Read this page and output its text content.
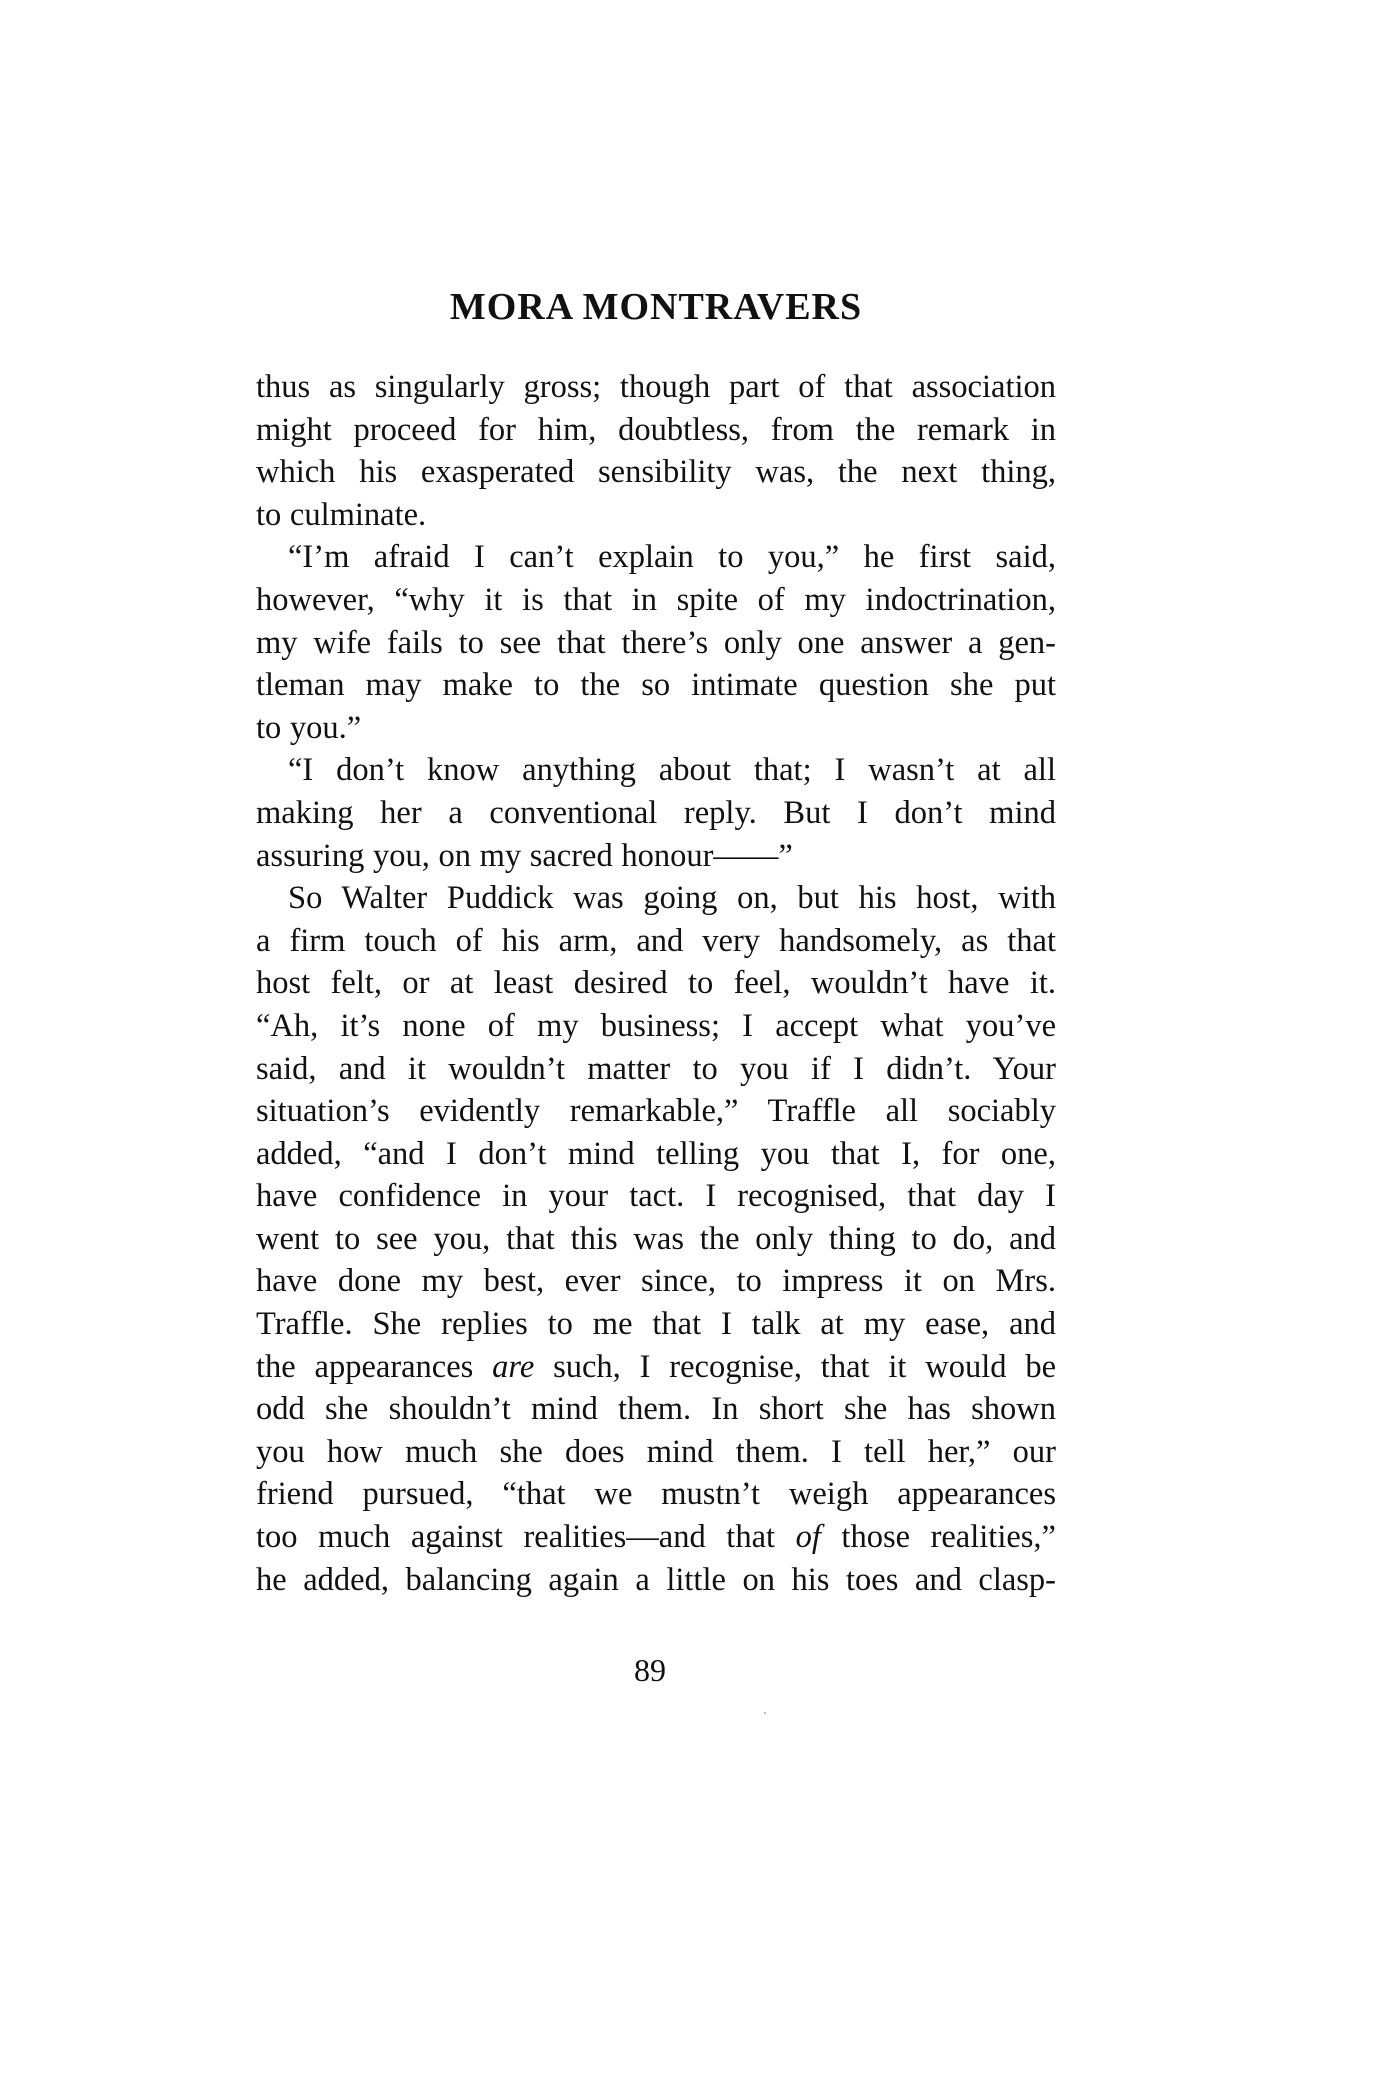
MORA MONTRAVERS
thus as singularly gross; though part of that association
might proceed for him, doubtless, from the remark in
which his exasperated sensibility was, the next thing,
to culminate.
“I’m afraid I can’t explain to you,” he first said,
however, “why it is that in spite of my indoctrination,
my wife fails to see that there’s only one answer a gen-
tleman may make to the so intimate question she put
to you.”
“I don’t know anything about that; I wasn’t at all
making her a conventional reply. But I don’t mind
assuring you, on my sacred honour——”
So Walter Puddick was going on, but his host, with
a firm touch of his arm, and very handsomely, as that
host felt, or at least desired to feel, wouldn’t have it.
“Ah, it’s none of my business; I accept what you’ve
said, and it wouldn’t matter to you if I didn’t. Your
situation’s evidently remarkable,” Traffle all sociably
added, “and I don’t mind telling you that I, for one,
have confidence in your tact. I recognised, that day I
went to see you, that this was the only thing to do, and
have done my best, ever since, to impress it on Mrs.
Traffle. She replies to me that I talk at my ease, and
the appearances are such, I recognise, that it would be
odd she shouldn’t mind them. In short she has shown
you how much she does mind them. I tell her,” our
friend pursued, “that we mustn’t weigh appearances
too much against realities—and that of those realities,”
he added, balancing again a little on his toes and clasp-
89
